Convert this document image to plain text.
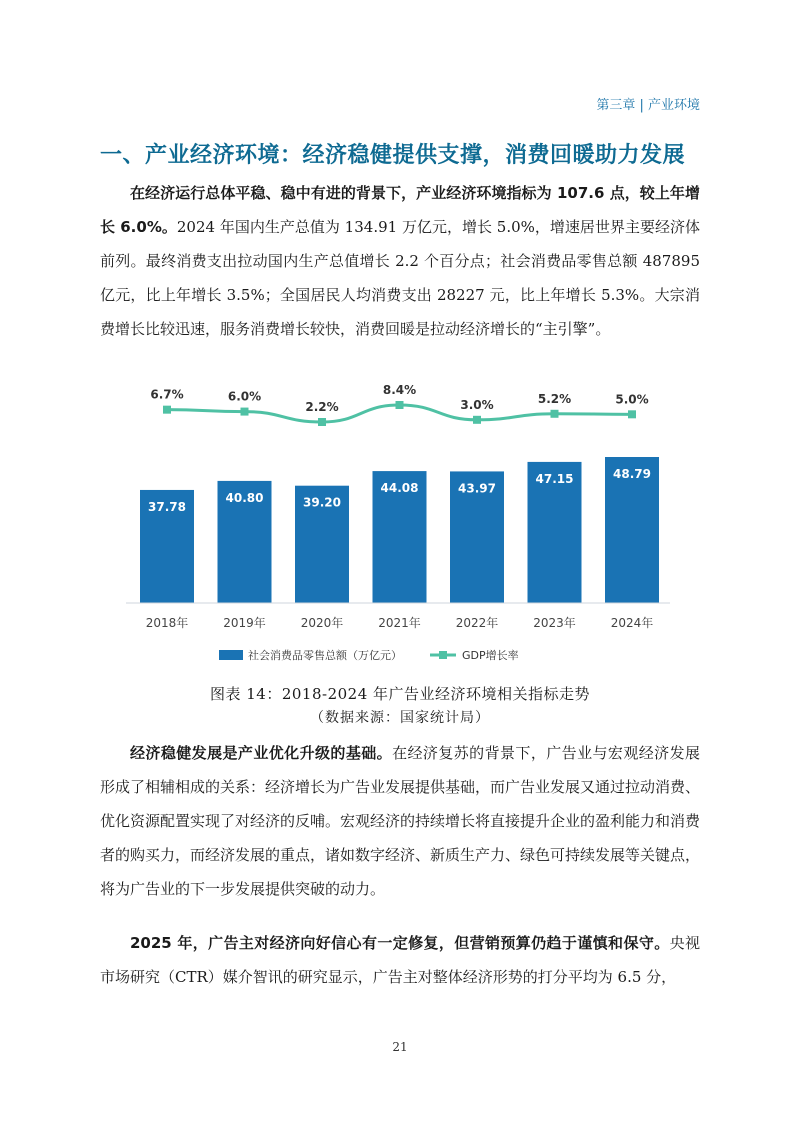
第三章 | 产业环境
一、产业经济环境：经济稳健提供支撑，消费回暖助力发展

在经济运行总体平稳、稳中有进的背景下，产业经济环境指标为 107.6 点，较上年增长 6.0%。2024 年国内生产总值为 134.91 万亿元，增长 5.0%，增速居世界主要经济体前列。最终消费支出拉动国内生产总值增长 2.2 个百分点；社会消费品零售总额 487895 亿元，比上年增长 3.5%；全国居民人均消费支出 28227 元，比上年增长 5.3%。大宗消费增长比较迅速，服务消费增长较快，消费回暖是拉动经济增长的“主引擎”。

37.78
40.80	39.20
44.08	43.97
47.15	48.79
6.7%	6.0%
2.2%
8.4%
3.0%	5.2%	5.0%
2018年	2019年	2020年	2021年	2022年	2023年	2024年
社会消费品零售总额（万亿元）	GDP增长率

图表 14：2018-2024 年广告业经济环境相关指标走势

（数据来源：国家统计局）

经济稳健发展是产业优化升级的基础。在经济复苏的背景下，广告业与宏观经济发展形成了相辅相成的关系：经济增长为广告业发展提供基础，而广告业发展又通过拉动消费、优化资源配置实现了对经济的反哺。宏观经济的持续增长将直接提升企业的盈利能力和消费者的购买力，而经济发展的重点，诸如数字经济、新质生产力、绿色可持续发展等关键点，将为广告业的下一步发展提供突破的动力。

2025 年，广告主对经济向好信心有一定修复，但营销预算仍趋于谨慎和保守。央视市场研究（CTR）媒介智讯的研究显示，广告主对整体经济形势的打分平均为 6.5 分，

21
